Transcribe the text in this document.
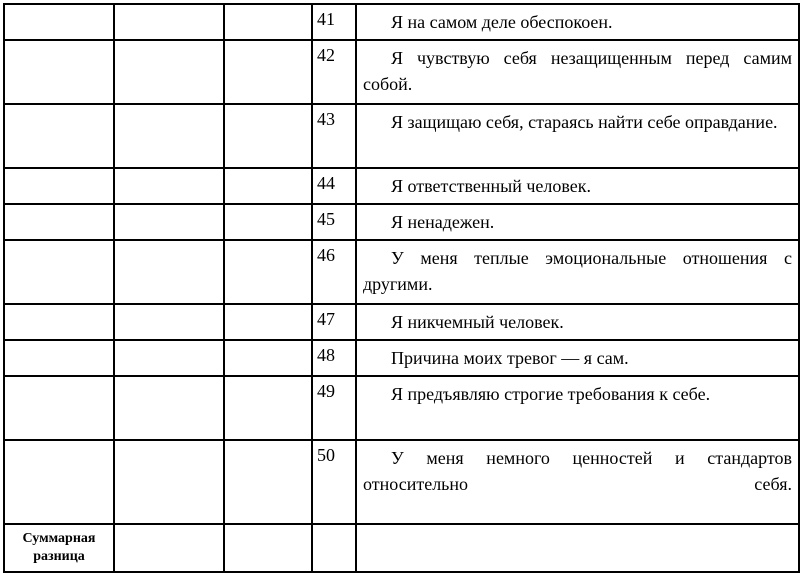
			41	Я на самом деле обеспокоен.

			42	Я чувствую себя незащищенным перед самим собой.

			43	Я защищаю себя, стараясь найти себе оправдание.

			44	Я ответственный человек.

			45	Я ненадежен.

			46	У меня теплые эмоциональные отношения с другими.

			47	Я никчемный человек.

			48	Причина моих тревог — я сам.

			49	Я предъявляю строгие требования к себе.

			50	У меня немного ценностей и стандартов относительно себя.

Суммарная разница				
